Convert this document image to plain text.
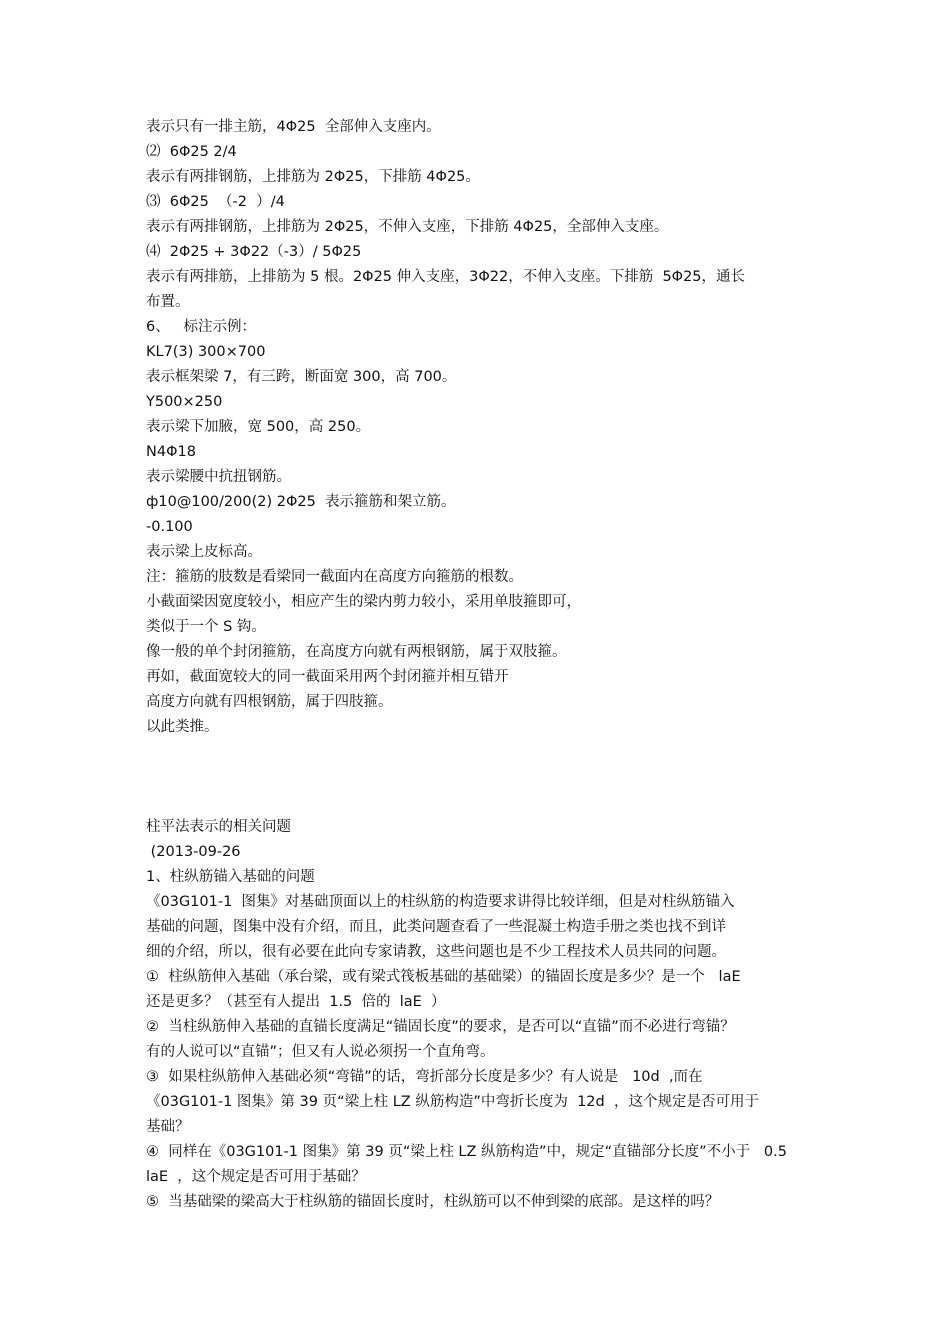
表示只有一排主筋，4Φ25  全部伸入支座内。
⑵  6Φ25 2/4
表示有两排钢筋，上排筋为 2Φ25，下排筋 4Φ25。
⑶  6Φ25  （-2  ）/4
表示有两排钢筋，上排筋为 2Φ25，不伸入支座，下排筋 4Φ25，全部伸入支座。
⑷  2Φ25 + 3Φ22（-3）/ 5Φ25
表示有两排筋，上排筋为 5 根。2Φ25 伸入支座，3Φ22，不伸入支座。下排筋  5Φ25，通长
布置。
6、   标注示例：
KL7(3) 300×700
表示框架梁 7，有三跨，断面宽 300，高 700。
Y500×250
表示梁下加腋，宽 500，高 250。
N4Φ18
表示梁腰中抗扭钢筋。
ф10@100/200(2) 2Φ25  表示箍筋和架立筋。
-0.100
表示梁上皮标高。
注：箍筋的肢数是看梁同一截面内在高度方向箍筋的根数。
小截面梁因宽度较小，相应产生的梁内剪力较小，采用单肢箍即可，
类似于一个 S 钩。
像一般的单个封闭箍筋，在高度方向就有两根钢筋，属于双肢箍。
再如，截面宽较大的同一截面采用两个封闭箍并相互错开
高度方向就有四根钢筋，属于四肢箍。
以此类推。
柱平法表示的相关问题
(2013-09-26
1、柱纵筋锚入基础的问题
《03G101-1  图集》对基础顶面以上的柱纵筋的构造要求讲得比较详细，但是对柱纵筋锚入
基础的问题，图集中没有介绍，而且，此类问题查看了一些混凝土构造手册之类也找不到详
细的介绍，所以，很有必要在此向专家请教，这些问题也是不少工程技术人员共同的问题。
①  柱纵筋伸入基础（承台梁，或有梁式筏板基础的基础梁）的锚固长度是多少？是一个   laE
还是更多？（甚至有人提出  1.5  倍的  laE  ）
②  当柱纵筋伸入基础的直锚长度满足“锚固长度”的要求，是否可以“直锚”而不必进行弯锚？
有的人说可以“直锚”；但又有人说必须拐一个直角弯。
③  如果柱纵筋伸入基础必须“弯锚”的话，弯折部分长度是多少？有人说是   10d  ,而在
《03G101-1 图集》第 39 页“梁上柱 LZ 纵筋构造”中弯折长度为  12d  ，这个规定是否可用于
基础？
④  同样在《03G101-1 图集》第 39 页“梁上柱 LZ 纵筋构造”中，规定“直锚部分长度”不小于   0.5
laE  ，这个规定是否可用于基础？
⑤  当基础梁的梁高大于柱纵筋的锚固长度时，柱纵筋可以不伸到梁的底部。是这样的吗？
